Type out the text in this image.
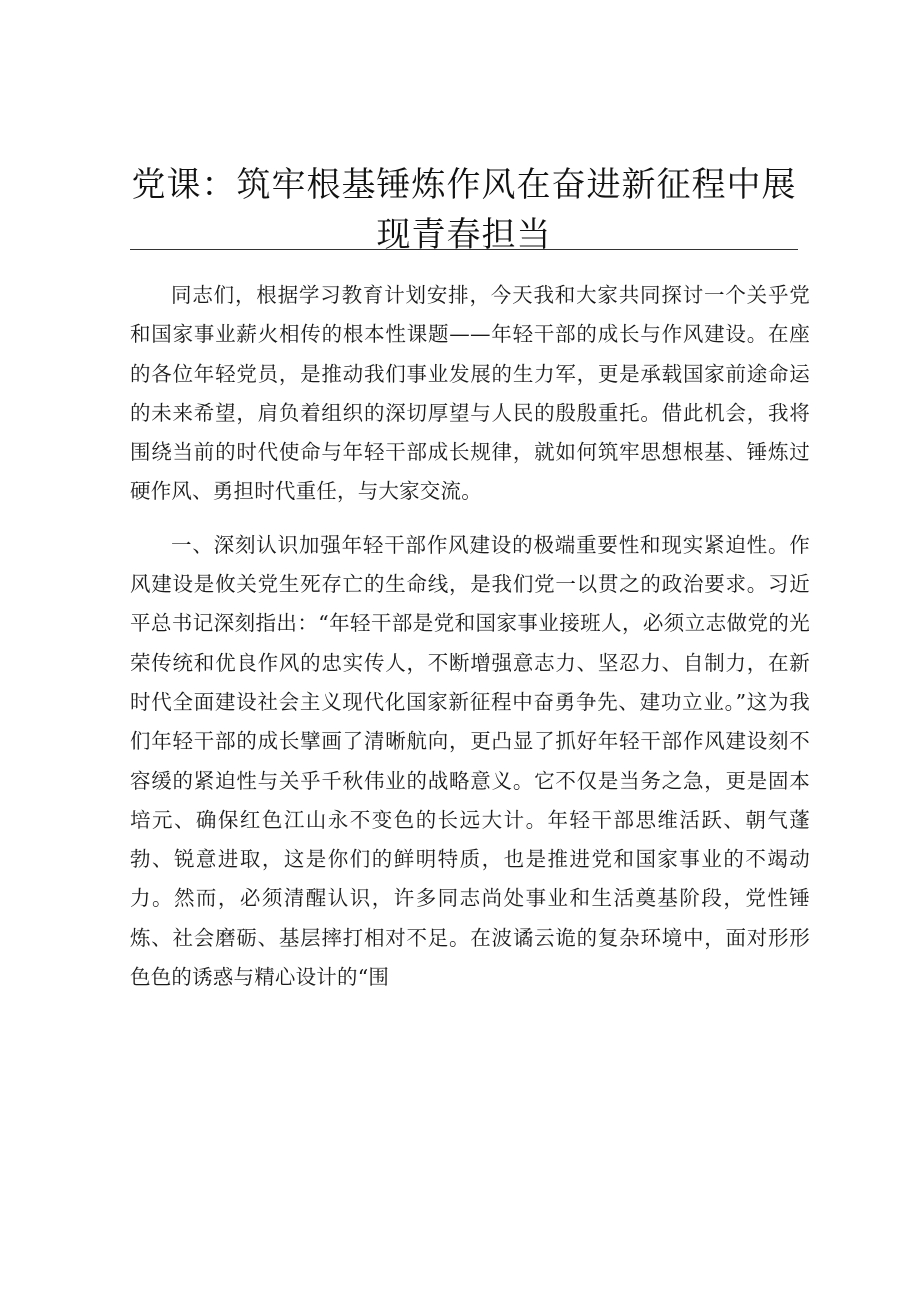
党课：筑牢根基锤炼作风在奋进新征程中展
现青春担当

同志们，根据学习教育计划安排，今天我和大家共同探讨一个关乎党和国家事业薪火相传的根本性课题——年轻干部的成长与作风建设。在座的各位年轻党员，是推动我们事业发展的生力军，更是承载国家前途命运的未来希望，肩负着组织的深切厚望与人民的殷殷重托。借此机会，我将围绕当前的时代使命与年轻干部成长规律，就如何筑牢思想根基、锤炼过硬作风、勇担时代重任，与大家交流。

一、深刻认识加强年轻干部作风建设的极端重要性和现实紧迫性。作风建设是攸关党生死存亡的生命线，是我们党一以贯之的政治要求。习近平总书记深刻指出：“年轻干部是党和国家事业接班人，必须立志做党的光荣传统和优良作风的忠实传人，不断增强意志力、坚忍力、自制力，在新时代全面建设社会主义现代化国家新征程中奋勇争先、建功立业。”这为我们年轻干部的成长擘画了清晰航向，更凸显了抓好年轻干部作风建设刻不容缓的紧迫性与关乎千秋伟业的战略意义。它不仅是当务之急，更是固本培元、确保红色江山永不变色的长远大计。年轻干部思维活跃、朝气蓬勃、锐意进取，这是你们的鲜明特质，也是推进党和国家事业的不竭动力。然而，必须清醒认识，许多同志尚处事业和生活奠基阶段，党性锤炼、社会磨砺、基层摔打相对不足。在波谲云诡的复杂环境中，面对形形色色的诱惑与精心设计的“围
